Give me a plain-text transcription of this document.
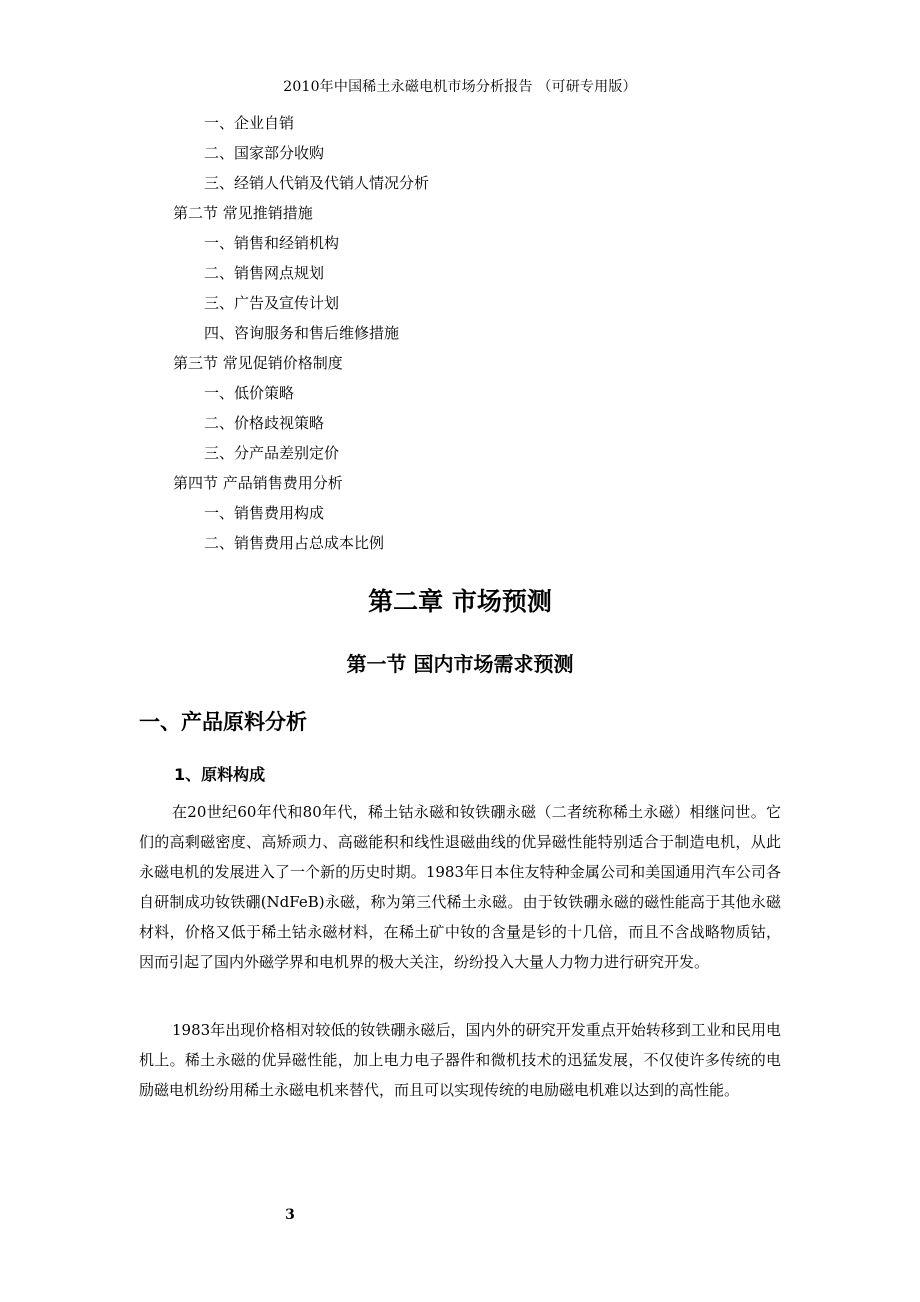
2010年中国稀土永磁电机市场分析报告 （可研专用版）
一、企业自销
二、国家部分收购
三、经销人代销及代销人情况分析
第二节 常见推销措施
一、销售和经销机构
二、销售网点规划
三、广告及宣传计划
四、咨询服务和售后维修措施
第三节 常见促销价格制度
一、低价策略
二、价格歧视策略
三、分产品差别定价
第四节 产品销售费用分析
一、销售费用构成
二、销售费用占总成本比例
第二章 市场预测
第一节 国内市场需求预测
一、产品原料分析
1、原料构成

在20世纪60年代和80年代，稀土钴永磁和钕铁硼永磁（二者统称稀土永磁）相继问世。它们的高剩磁密度、高矫顽力、高磁能积和线性退磁曲线的优异磁性能特别适合于制造电机，从此永磁电机的发展进入了一个新的历史时期。1983年日本住友特种金属公司和美国通用汽车公司各自研制成功钕铁硼(NdFeB)永磁，称为第三代稀土永磁。由于钕铁硼永磁的磁性能高于其他永磁材料，价格又低于稀土钴永磁材料，在稀土矿中钕的含量是钐的十几倍，而且不含战略物质钴，因而引起了国内外磁学界和电机界的极大关注，纷纷投入大量人力物力进行研究开发。

1983年出现价格相对较低的钕铁硼永磁后，国内外的研究开发重点开始转移到工业和民用电机上。稀土永磁的优异磁性能，加上电力电子器件和微机技术的迅猛发展，不仅使许多传统的电励磁电机纷纷用稀土永磁电机来替代，而且可以实现传统的电励磁电机难以达到的高性能。

3
